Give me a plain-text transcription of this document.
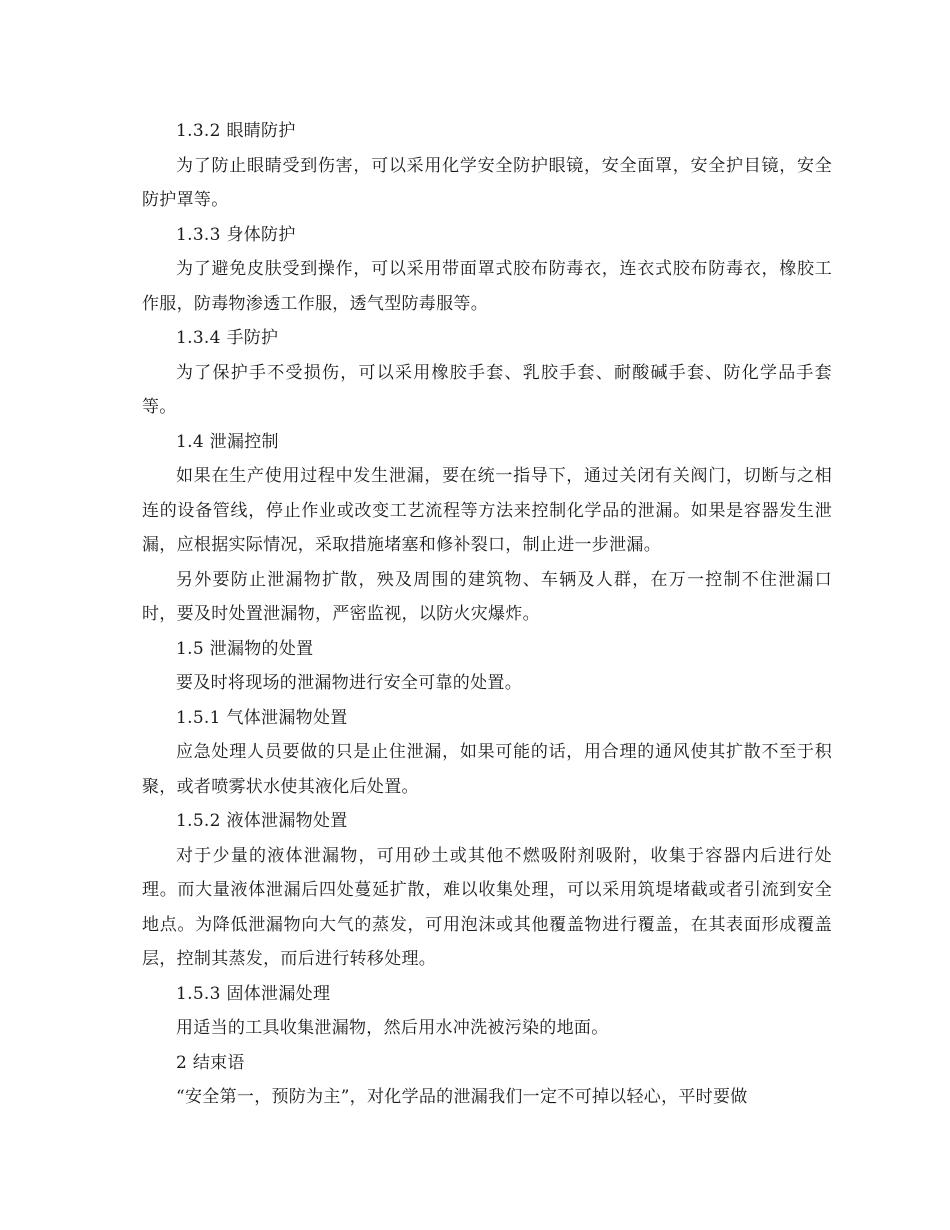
1.3.2 眼睛防护

为了防止眼睛受到伤害，可以采用化学安全防护眼镜，安全面罩，安全护目镜，安全防护罩等。

1.3.3 身体防护

为了避免皮肤受到操作，可以采用带面罩式胶布防毒衣，连衣式胶布防毒衣，橡胶工作服，防毒物渗透工作服，透气型防毒服等。

1.3.4 手防护

为了保护手不受损伤，可以采用橡胶手套、乳胶手套、耐酸碱手套、防化学品手套等。

1.4 泄漏控制

如果在生产使用过程中发生泄漏，要在统一指导下，通过关闭有关阀门，切断与之相连的设备管线，停止作业或改变工艺流程等方法来控制化学品的泄漏。如果是容器发生泄漏，应根据实际情况，采取措施堵塞和修补裂口，制止进一步泄漏。

另外要防止泄漏物扩散，殃及周围的建筑物、车辆及人群，在万一控制不住泄漏口时，要及时处置泄漏物，严密监视，以防火灾爆炸。

1.5 泄漏物的处置

要及时将现场的泄漏物进行安全可靠的处置。

1.5.1 气体泄漏物处置

应急处理人员要做的只是止住泄漏，如果可能的话，用合理的通风使其扩散不至于积聚，或者喷雾状水使其液化后处置。

1.5.2 液体泄漏物处置

对于少量的液体泄漏物，可用砂土或其他不燃吸附剂吸附，收集于容器内后进行处理。而大量液体泄漏后四处蔓延扩散，难以收集处理，可以采用筑堤堵截或者引流到安全地点。为降低泄漏物向大气的蒸发，可用泡沫或其他覆盖物进行覆盖，在其表面形成覆盖层，控制其蒸发，而后进行转移处理。

1.5.3 固体泄漏处理

用适当的工具收集泄漏物，然后用水冲洗被污染的地面。

2 结束语

“安全第一，预防为主”，对化学品的泄漏我们一定不可掉以轻心，平时要做
